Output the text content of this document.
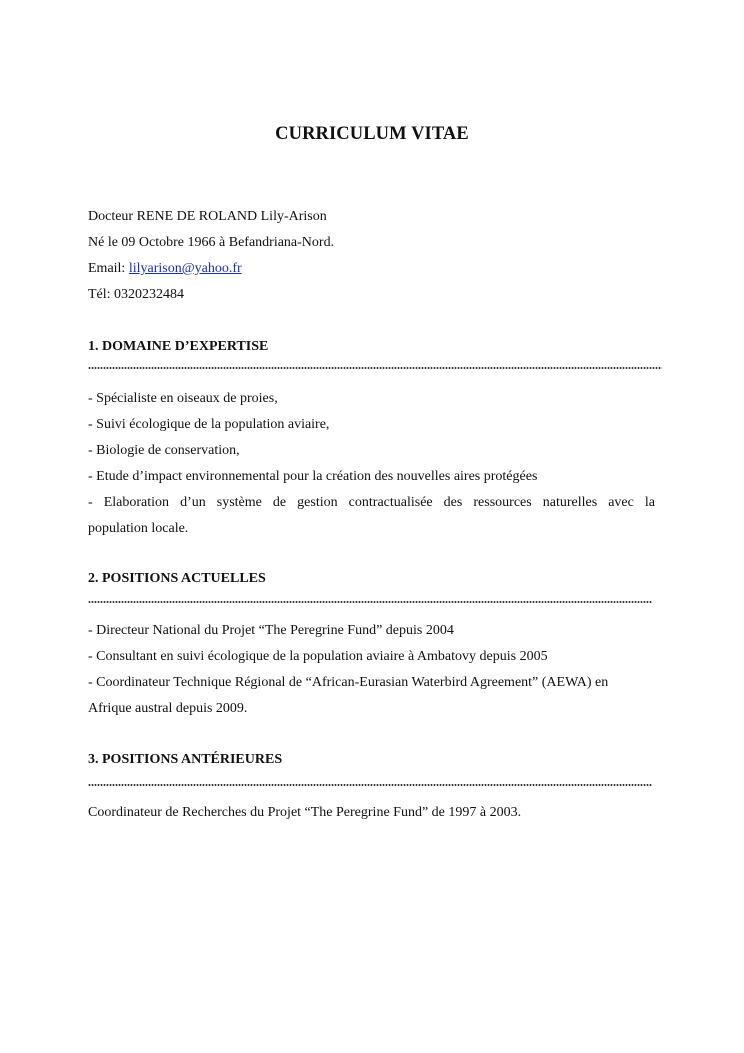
CURRICULUM VITAE
Docteur RENE DE ROLAND Lily-Arison
Né le 09 Octobre 1966 à Befandriana-Nord.
Email: lilyarison@yahoo.fr
Tél: 0320232484
1. DOMAINE D’EXPERTISE
- Spécialiste en oiseaux de proies,
- Suivi écologique de la population aviaire,
- Biologie de conservation,
- Etude d’impact environnemental pour la création des nouvelles aires protégées
- Elaboration d’un système de gestion contractualisée des ressources naturelles avec la
population locale.
2. POSITIONS ACTUELLES
- Directeur National du Projet “The Peregrine Fund” depuis 2004
- Consultant en suivi écologique de la population aviaire à Ambatovy depuis 2005
- Coordinateur Technique Régional de “African-Eurasian Waterbird Agreement” (AEWA) en
Afrique austral depuis 2009.
3. POSITIONS ANTÉRIEURES
Coordinateur de Recherches du Projet “The Peregrine Fund” de 1997 à 2003.
